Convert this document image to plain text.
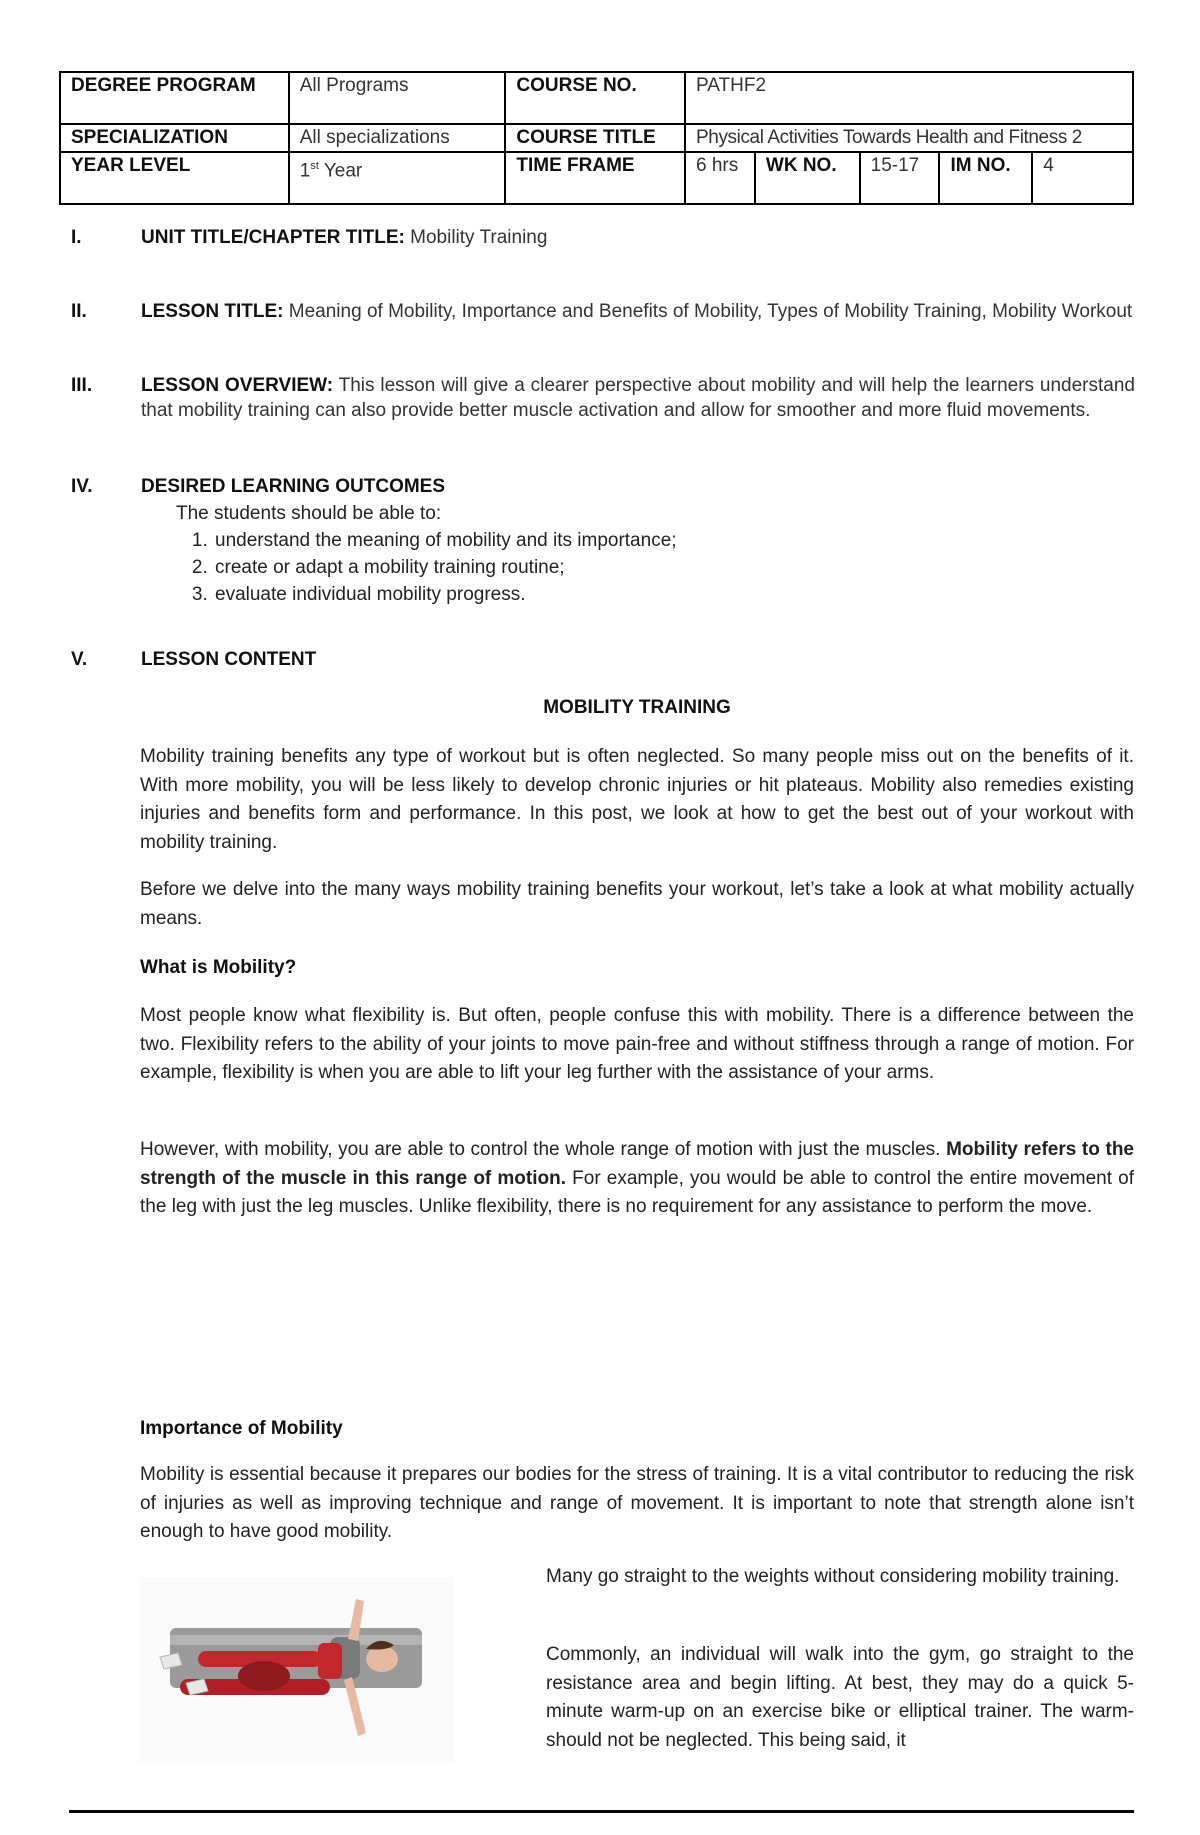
DEGREE PROGRAM	All Programs	COURSE NO.	PATHF2				
SPECIALIZATION	All specializations	COURSE TITLE	Physical Activities Towards Health and Fitness 2				
YEAR LEVEL	1st Year	TIME FRAME	6 hrs	WK NO.	15-17	IM NO.	4
I.	UNIT TITLE/CHAPTER TITLE: Mobility Training
II.	LESSON TITLE: Meaning of Mobility, Importance and Benefits of Mobility, Types of Mobility Training, Mobility Workout
III.	LESSON OVERVIEW: This lesson will give a clearer perspective about mobility and will help the learners understand that mobility training can also provide better muscle activation and allow for smoother and more fluid movements.
IV.	DESIRED LEARNING OUTCOMES
The students should be able to:
1. understand the meaning of mobility and its importance;
2. create or adapt a mobility training routine;
3. evaluate individual mobility progress.
V.	LESSON CONTENT
MOBILITY TRAINING

Mobility training benefits any type of workout but is often neglected. So many people miss out on the benefits of it. With more mobility, you will be less likely to develop chronic injuries or hit plateaus. Mobility also remedies existing injuries and benefits form and performance. In this post, we look at how to get the best out of your workout with mobility training.

Before we delve into the many ways mobility training benefits your workout, let’s take a look at what mobility actually means.

What is Mobility?

Most people know what flexibility is. But often, people confuse this with mobility. There is a difference between the two. Flexibility refers to the ability of your joints to move pain-free and without stiffness through a range of motion. For example, flexibility is when you are able to lift your leg further with the assistance of your arms.

However, with mobility, you are able to control the whole range of motion with just the muscles. Mobility refers to the strength of the muscle in this range of motion. For example, you would be able to control the entire movement of the leg with just the leg muscles. Unlike flexibility, there is no requirement for any assistance to perform the move.

Importance of Mobility

Mobility is essential because it prepares our bodies for the stress of training. It is a vital contributor to reducing the risk of injuries as well as improving technique and range of movement. It is important to note that strength alone isn’t enough to have good mobility.

Many go straight to the weights without considering mobility training.

Commonly, an individual will walk into the gym, go straight to the resistance area and begin lifting. At best, they may do a quick 5-minute warm-up on an exercise bike or elliptical trainer. The warm-should not be neglected. This being said, it
